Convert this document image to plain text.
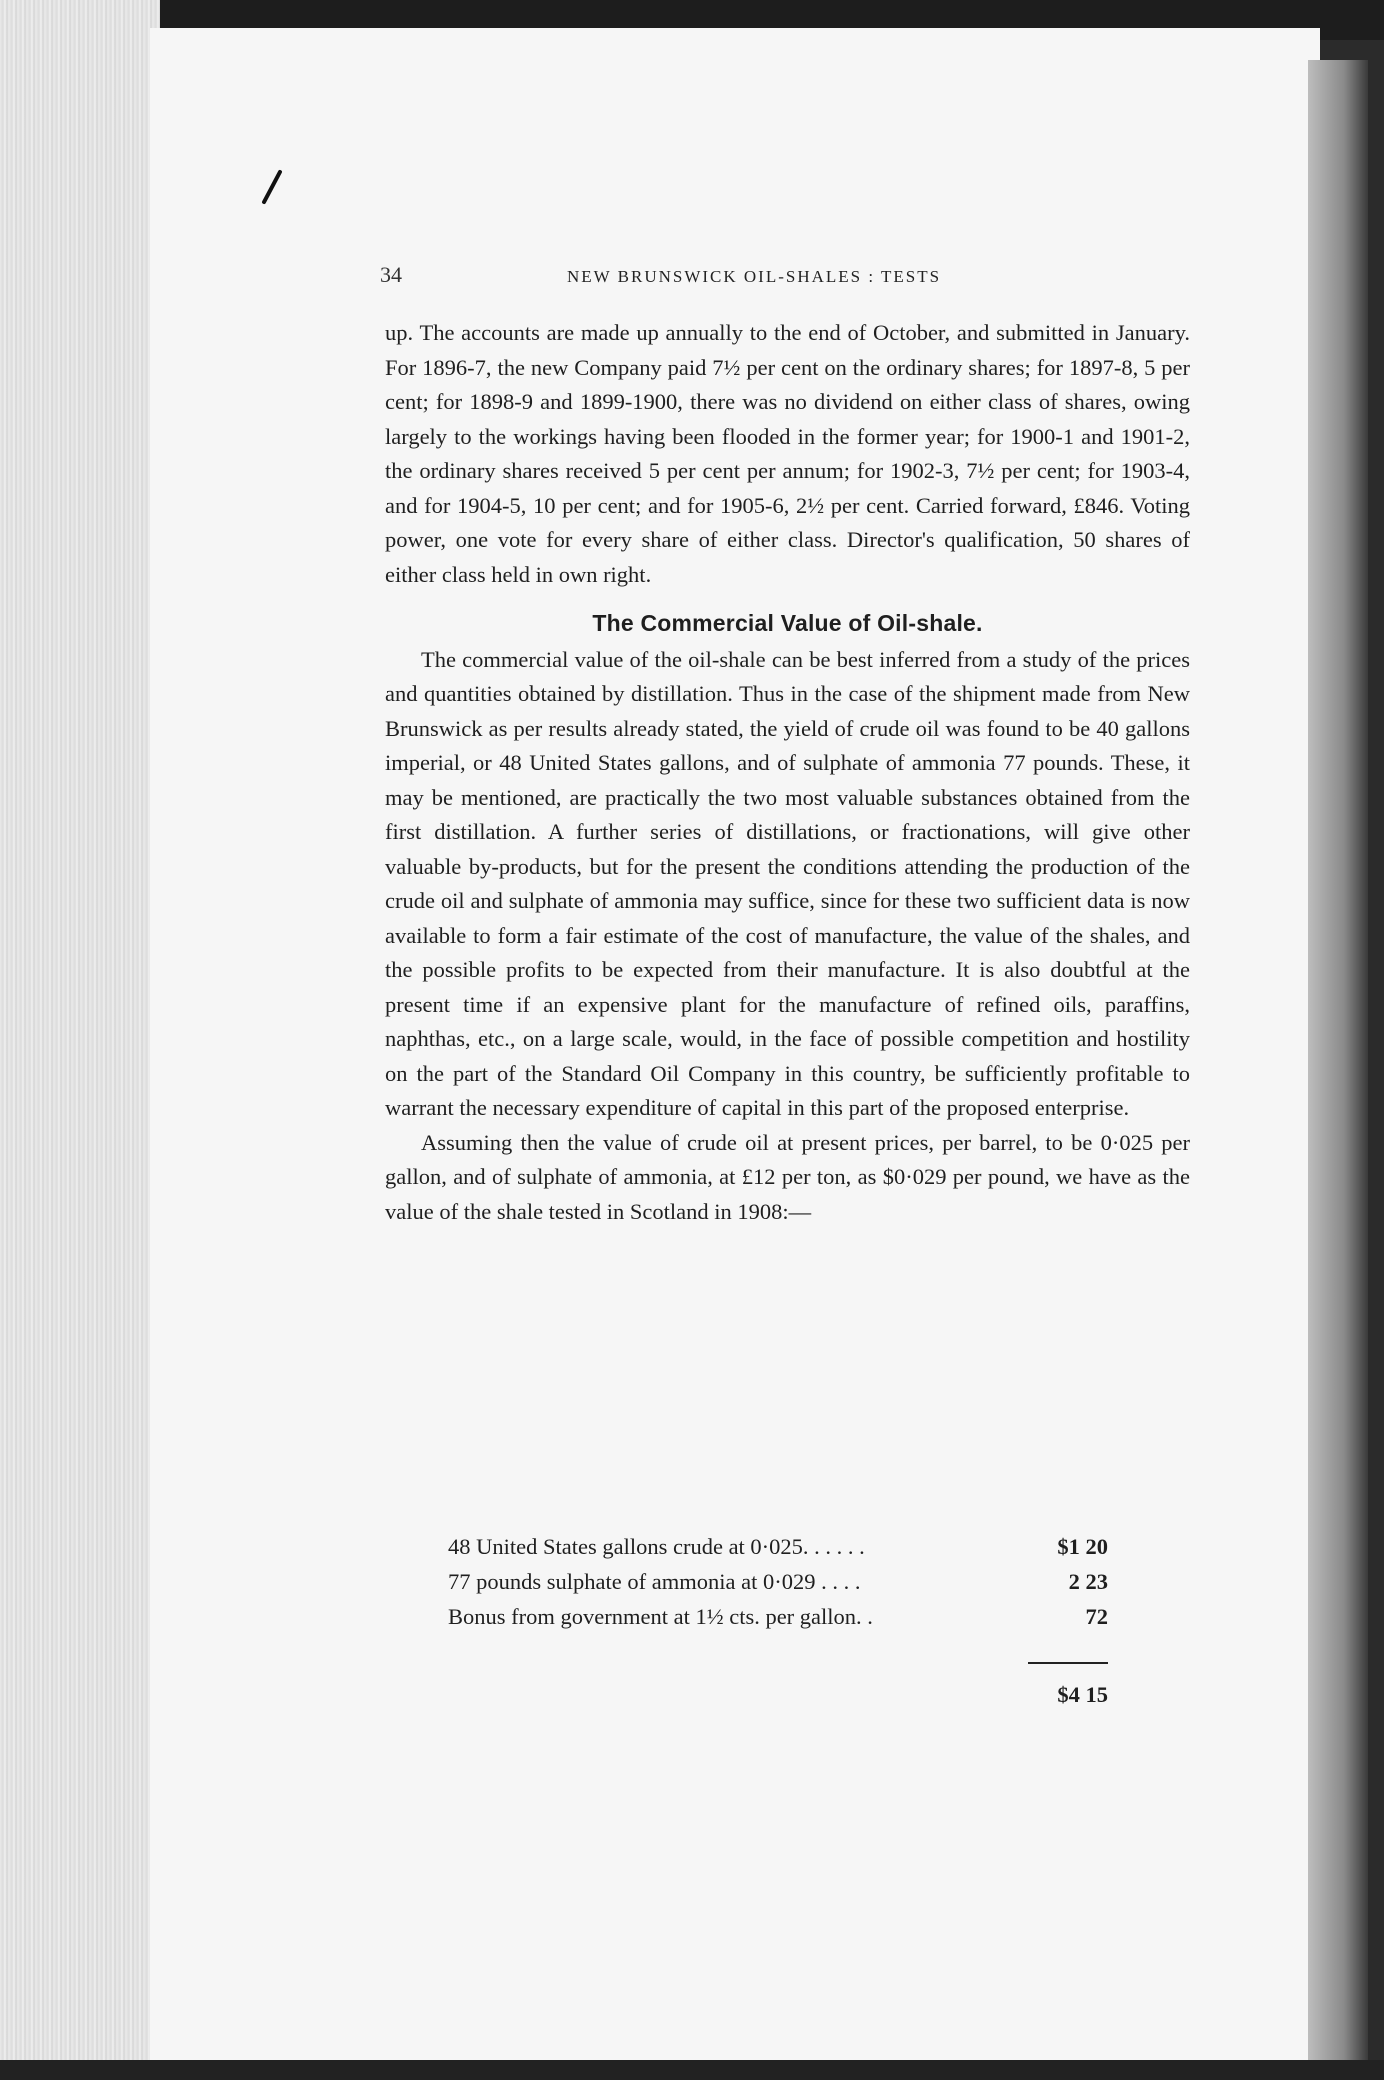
34	NEW BRUNSWICK OIL-SHALES : TESTS

up. The accounts are made up annually to the end of October, and submitted in January. For 1896-7, the new Company paid 7½ per cent on the ordinary shares; for 1897-8, 5 per cent; for 1898-9 and 1899-1900, there was no dividend on either class of shares, owing largely to the workings having been flooded in the former year; for 1900-1 and 1901-2, the ordinary shares received 5 per cent per annum; for 1902-3, 7½ per cent; for 1903-4, and for 1904-5, 10 per cent; and for 1905-6, 2½ per cent. Carried forward, £846. Voting power, one vote for every share of either class. Director's qualification, 50 shares of either class held in own right.

The Commercial Value of Oil-shale.

The commercial value of the oil-shale can be best inferred from a study of the prices and quantities obtained by distillation. Thus in the case of the shipment made from New Brunswick as per results already stated, the yield of crude oil was found to be 40 gallons imperial, or 48 United States gallons, and of sulphate of ammonia 77 pounds. These, it may be mentioned, are practically the two most valuable substances obtained from the first distillation. A further series of distillations, or fractionations, will give other valuable by-products, but for the present the conditions attending the production of the crude oil and sulphate of ammonia may suffice, since for these two sufficient data is now available to form a fair estimate of the cost of manufacture, the value of the shales, and the possible profits to be expected from their manufacture. It is also doubtful at the present time if an expensive plant for the manufacture of refined oils, paraffins, naphthas, etc., on a large scale, would, in the face of possible competition and hostility on the part of the Standard Oil Company in this country, be sufficiently profitable to warrant the necessary expenditure of capital in this part of the proposed enterprise.

Assuming then the value of crude oil at present prices, per barrel, to be 0·025 per gallon, and of sulphate of ammonia, at £12 per ton, as $0·029 per pound, we have as the value of the shale tested in Scotland in 1908:—

48 United States gallons crude at 0·025. . . . . .	$1 20
77 pounds sulphate of ammonia at 0·029 . . . .	2 23
Bonus from government at 1½ cts. per gallon. .	72
$4 15
